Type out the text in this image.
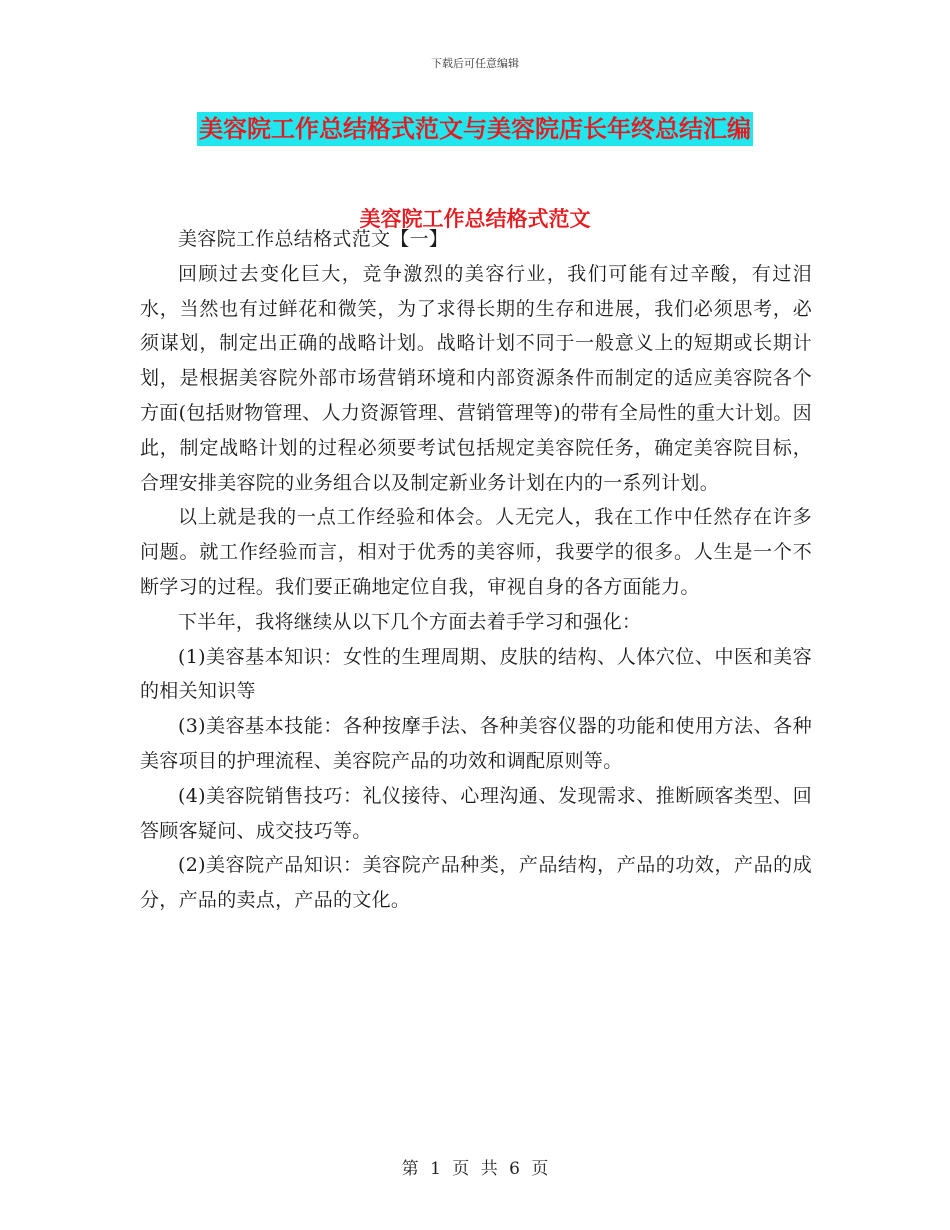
下载后可任意编辑
美容院工作总结格式范文与美容院店长年终总结汇编
美容院工作总结格式范文

美容院工作总结格式范文【一】

回顾过去变化巨大，竞争激烈的美容行业，我们可能有过辛酸，有过泪水，当然也有过鲜花和微笑，为了求得长期的生存和进展，我们必须思考，必须谋划，制定出正确的战略计划。战略计划不同于一般意义上的短期或长期计划，是根据美容院外部市场营销环境和内部资源条件而制定的适应美容院各个方面(包括财物管理、人力资源管理、营销管理等)的带有全局性的重大计划。因此，制定战略计划的过程必须要考试包括规定美容院任务，确定美容院目标，合理安排美容院的业务组合以及制定新业务计划在内的一系列计划。

以上就是我的一点工作经验和体会。人无完人，我在工作中任然存在许多问题。就工作经验而言，相对于优秀的美容师，我要学的很多。人生是一个不断学习的过程。我们要正确地定位自我，审视自身的各方面能力。

下半年，我将继续从以下几个方面去着手学习和强化：

(1)美容基本知识：女性的生理周期、皮肤的结构、人体穴位、中医和美容的相关知识等

(3)美容基本技能：各种按摩手法、各种美容仪器的功能和使用方法、各种美容项目的护理流程、美容院产品的功效和调配原则等。

(4)美容院销售技巧：礼仪接待、心理沟通、发现需求、推断顾客类型、回答顾客疑问、成交技巧等。

(2)美容院产品知识：美容院产品种类，产品结构，产品的功效，产品的成分，产品的卖点，产品的文化。

第 1 页 共 6 页
